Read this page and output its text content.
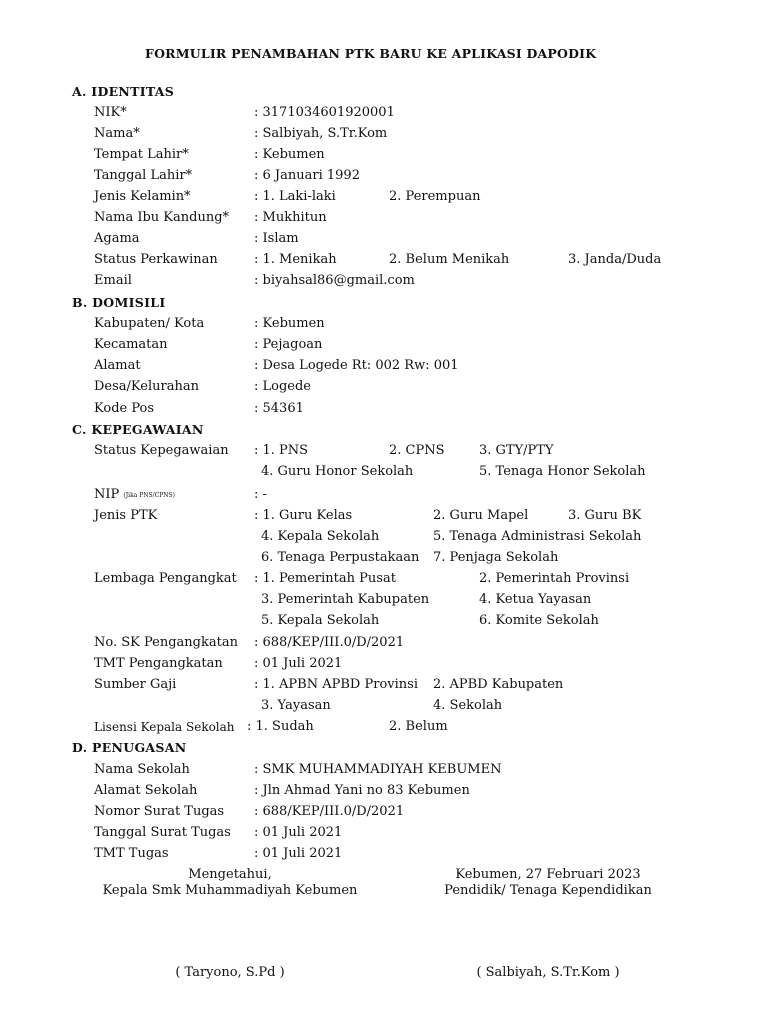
FORMULIR PENAMBAHAN PTK BARU KE APLIKASI DAPODIK
A. IDENTITAS
NIK*	: 3171034601920001
Nama*	: Salbiyah, S.Tr.Kom
Tempat Lahir*	: Kebumen
Tanggal Lahir*	: 6 Januari 1992
Jenis Kelamin*	: 1. Laki-laki	2. Perempuan
Nama Ibu Kandung* : Mukhitun
Agama	: Islam
Status Perkawinan	: 1. Menikah	2. Belum Menikah	3. Janda/Duda
Email	: biyahsal86@gmail.com
B. DOMISILI
Kabupaten/ Kota	: Kebumen
Kecamatan	: Pejagoan
Alamat	: Desa Logede Rt: 002 Rw: 001
Desa/Kelurahan	: Logede
Kode Pos	: 54361
C. KEPEGAWAIAN
Status Kepegawaian : 1. PNS	2. CPNS	3. GTY/PTY
4. Guru Honor Sekolah	5. Tenaga Honor Sekolah
NIP (Jika PNS/CPNS)	: -
Jenis PTK	: 1. Guru Kelas	2. Guru Mapel	3. Guru BK
4. Kepala Sekolah	5. Tenaga Administrasi Sekolah
6. Tenaga Perpustakaan 7. Penjaga Sekolah
Lembaga Pengangkat : 1. Pemerintah Pusat	2. Pemerintah Provinsi
3. Pemerintah Kabupaten	4. Ketua Yayasan
5. Kepala Sekolah	6. Komite Sekolah
No. SK Pengangkatan : 688/KEP/III.0/D/2021
TMT Pengangkatan : 01 Juli 2021
Sumber Gaji	: 1. APBN APBD Provinsi 2. APBD Kabupaten
3. Yayasan	4. Sekolah
Lisensi Kepala Sekolah : 1. Sudah	2. Belum
D. PENUGASAN
Nama Sekolah	: SMK MUHAMMADIYAH KEBUMEN
Alamat Sekolah	: Jln Ahmad Yani no 83 Kebumen
Nomor Surat Tugas : 688/KEP/III.0/D/2021
Tanggal Surat Tugas : 01 Juli 2021
TMT Tugas	: 01 Juli 2021
Mengetahui,
Kepala Smk Muhammadiyah Kebumen
( Taryono, S.Pd )
Kebumen, 27 Februari 2023
Pendidik/ Tenaga Kependidikan
( Salbiyah, S.Tr.Kom )
